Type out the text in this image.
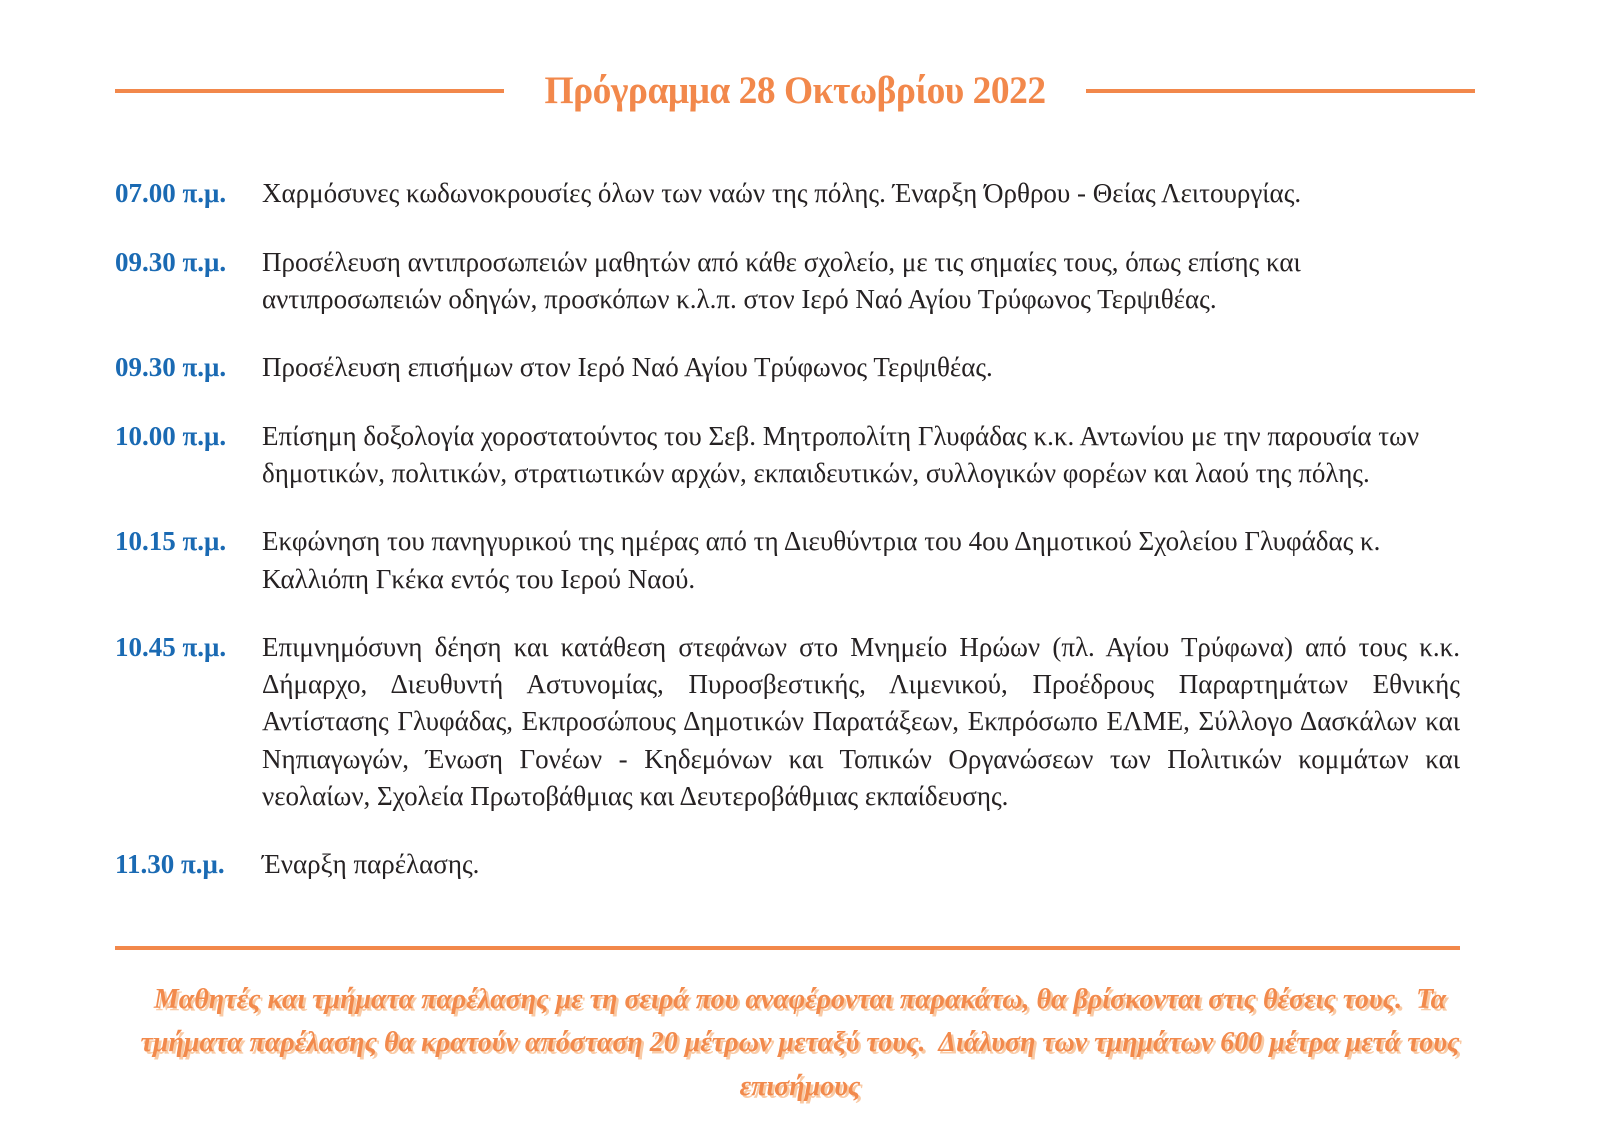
Πρόγραμμα 28 Οκτωβρίου 2022
07.00 π.μ.	Χαρμόσυνες κωδωνοκρουσίες όλων των ναών της πόλης. Έναρξη Όρθρου - Θείας Λειτουργίας.
09.30 π.μ.	Προσέλευση αντιπροσωπειών μαθητών από κάθε σχολείο, με τις σημαίες τους, όπως επίσης και αντιπροσωπειών οδηγών, προσκόπων κ.λ.π. στον Ιερό Ναό Αγίου Τρύφωνος Τερψιθέας.
09.30 π.μ.	Προσέλευση επισήμων στον Ιερό Ναό Αγίου Τρύφωνος Τερψιθέας.
10.00 π.μ.	Επίσημη δοξολογία χοροστατούντος του Σεβ. Μητροπολίτη Γλυφάδας κ.κ. Αντωνίου με την παρουσία των δημοτικών, πολιτικών, στρατιωτικών αρχών, εκπαιδευτικών, συλλογικών φορέων και λαού της πόλης.
10.15 π.μ.	Εκφώνηση του πανηγυρικού της ημέρας από τη Διευθύντρια του 4ου Δημοτικού Σχολείου Γλυφάδας κ. Καλλιόπη Γκέκα εντός του Ιερού Ναού.
10.45 π.μ.	Επιμνημόσυνη δέηση και κατάθεση στεφάνων στο Μνημείο Ηρώων (πλ. Αγίου Τρύφωνα) από τους κ.κ. Δήμαρχο, Διευθυντή Αστυνομίας, Πυροσβεστικής, Λιμενικού, Προέδρους Παραρτημάτων Εθνικής Αντίστασης Γλυφάδας, Εκπροσώπους Δημοτικών Παρατάξεων, Εκπρόσωπο ΕΛΜΕ, Σύλλογο Δασκάλων και Νηπιαγωγών, Ένωση Γονέων - Κηδεμόνων και Τοπικών Οργανώσεων των Πολιτικών κομμάτων και νεολαίων, Σχολεία Πρωτοβάθμιας και Δευτεροβάθμιας εκπαίδευσης.
11.30 π.μ.	Έναρξη παρέλασης.
Μαθητές και τμήματα παρέλασης με τη σειρά που αναφέρονται παρακάτω, θα βρίσκονται στις θέσεις τους.  Τα τμήματα παρέλασης θα κρατούν απόσταση 20 μέτρων μεταξύ τους.  Διάλυση των τμημάτων 600 μέτρα μετά τους επισήμους
